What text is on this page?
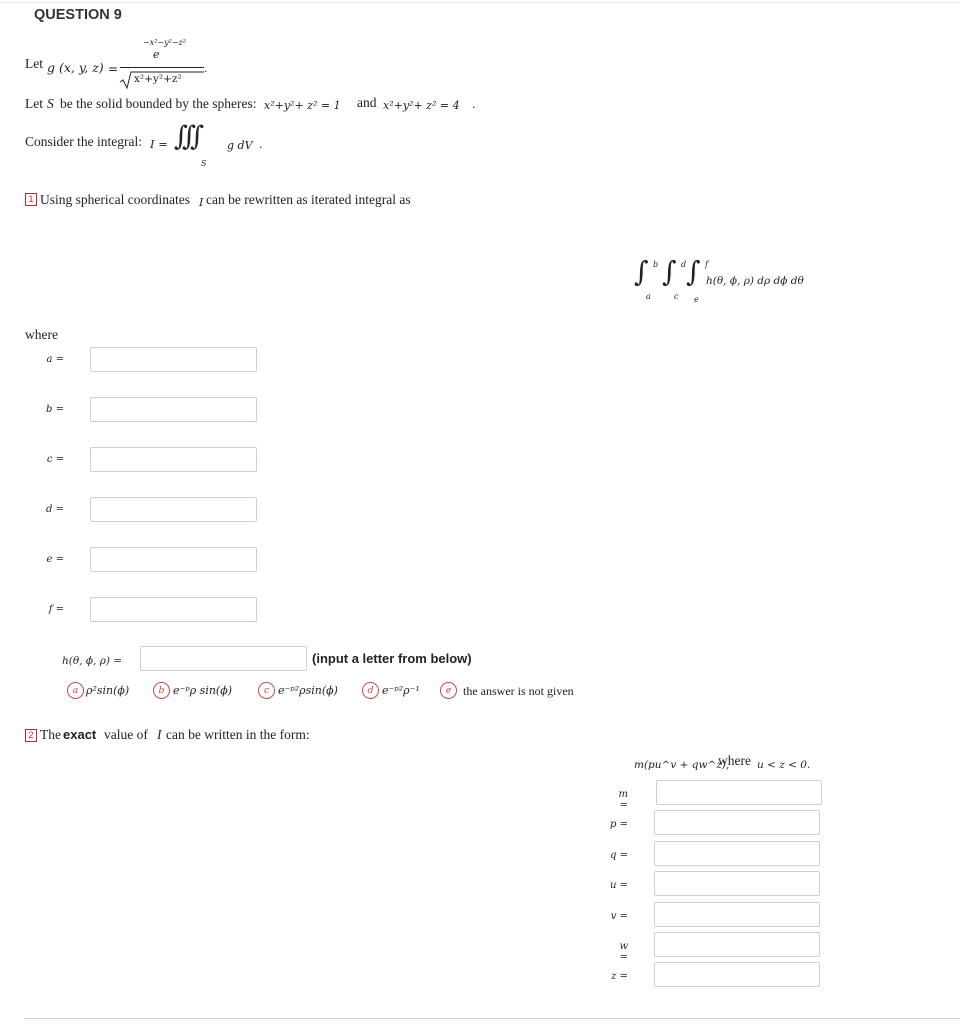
QUESTION 9
Let g (x, y, z) =
e
−x²−y²−z²
x²+y²+z²
.
Let S be the solid bounded by the spheres: x²+y²+ z² = 1 and x²+y²+ z² = 4 .
Consider the integral: I = ∫∫∫
S
g dV .
1 Using spherical coordinates I can be rewritten as iterated integral as
∫ b
a
∫ d
c
∫ f
e
h(θ, ϕ, ρ) dρ dϕ dθ
where
a =
b =
c =
d =
e =
f =
h(θ, ϕ, ρ) =	(input a letter from below)
a ρ²sin(ϕ)	b e⁻ᵖρ sin(ϕ)	c e⁻ᵖ²ρsin(ϕ)	d e⁻ᵖ²ρ⁻¹	e the answer is not given
2 The exact value of I can be written in the form:
m(pu^v + qw^z),
where u < z < 0.
m =
p =
q =
u =
v =
w =
z =
